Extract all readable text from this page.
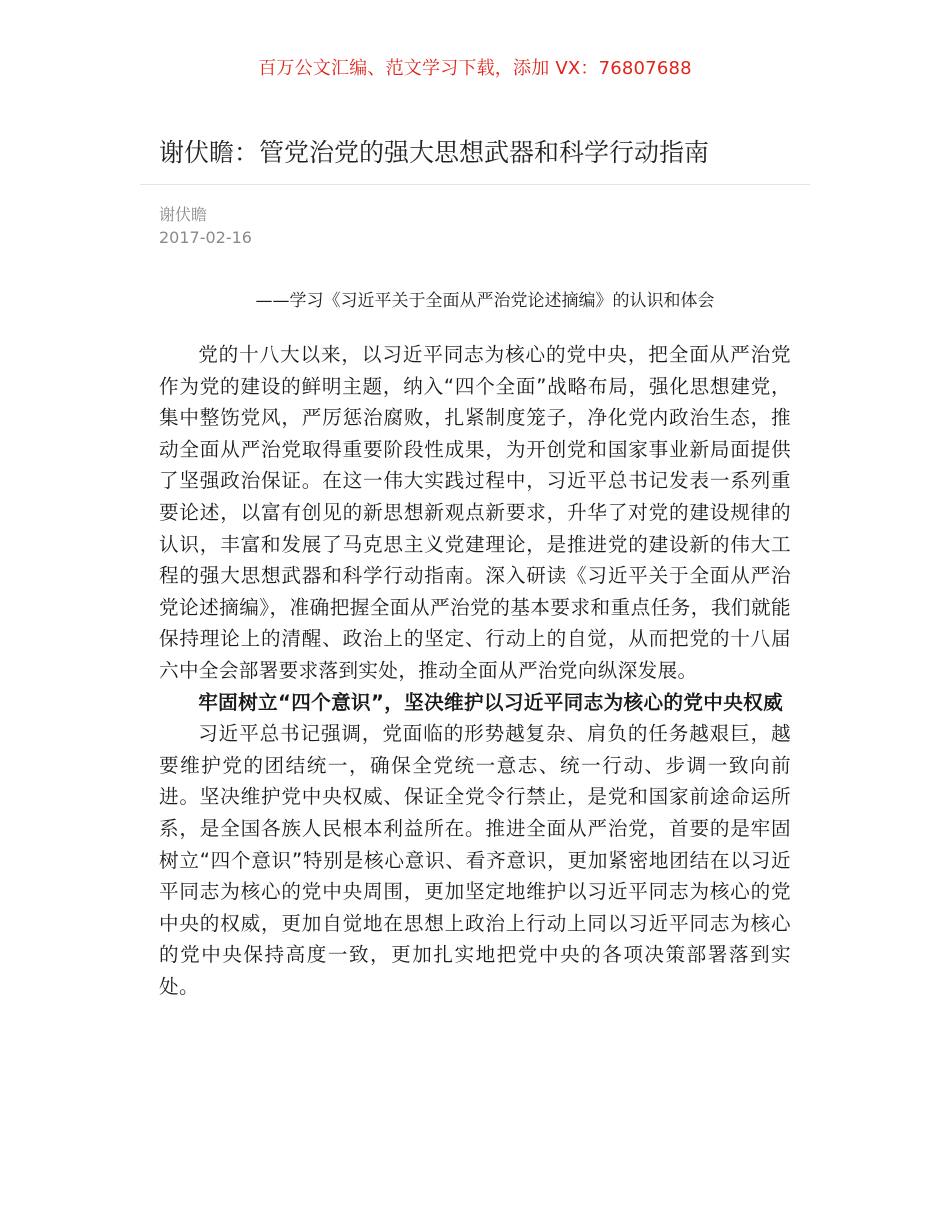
百万公文汇编、范文学习下载，添加 VX：76807688
谢伏瞻：管党治党的强大思想武器和科学行动指南
谢伏瞻
2017-02-16

——学习《习近平关于全面从严治党论述摘编》的认识和体会

党的十八大以来，以习近平同志为核心的党中央，把全面从严治党作为党的建设的鲜明主题，纳入“四个全面”战略布局，强化思想建党，集中整饬党风，严厉惩治腐败，扎紧制度笼子，净化党内政治生态，推动全面从严治党取得重要阶段性成果，为开创党和国家事业新局面提供了坚强政治保证。在这一伟大实践过程中，习近平总书记发表一系列重要论述，以富有创见的新思想新观点新要求，升华了对党的建设规律的认识，丰富和发展了马克思主义党建理论，是推进党的建设新的伟大工程的强大思想武器和科学行动指南。深入研读《习近平关于全面从严治党论述摘编》，准确把握全面从严治党的基本要求和重点任务，我们就能保持理论上的清醒、政治上的坚定、行动上的自觉，从而把党的十八届六中全会部署要求落到实处，推动全面从严治党向纵深发展。

牢固树立“四个意识”，坚决维护以习近平同志为核心的党中央权威

习近平总书记强调，党面临的形势越复杂、肩负的任务越艰巨，越要维护党的团结统一，确保全党统一意志、统一行动、步调一致向前进。坚决维护党中央权威、保证全党令行禁止，是党和国家前途命运所系，是全国各族人民根本利益所在。推进全面从严治党，首要的是牢固树立“四个意识”特别是核心意识、看齐意识，更加紧密地团结在以习近平同志为核心的党中央周围，更加坚定地维护以习近平同志为核心的党中央的权威，更加自觉地在思想上政治上行动上同以习近平同志为核心的党中央保持高度一致，更加扎实地把党中央的各项决策部署落到实处。
